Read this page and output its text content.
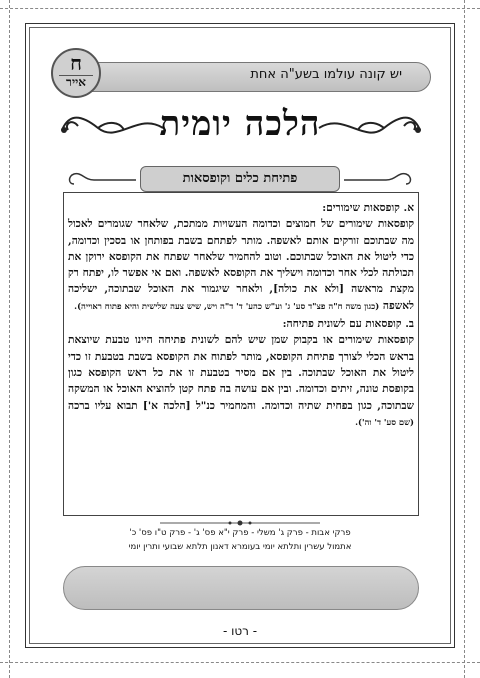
יש קונה עולמו בשע"ה אחת
ח
אייר
הלכה יומית
פתיחת כלים וקופסאות

א. קופסאות שימורים:
קופסאות שימורים של חמוצים וכדומה העשויות ממתכת, שלאחר שגומרים לאכול מה שבתוכם זורקים אותם לאשפה. מותר לפתחם בשבת בפותחן או בסכין וכדומה, כדי ליטול את האוכל שבתוכם. וטוב להחמיר שלאחר שפתח את הקופסא ירוקן את תכולתה לכלי אחר וכדומה וישליך את הקופסא לאשפה. ואם אי אפשר לו, יפתח רק מקצת מראשה [ולא את כולה], ולאחר שיגמור את האוכל שבתוכה, ישליכה לאשפה (כגון משה ח"ה פצ"ד סע' ג' וע"ש כהע' ד' ד"ה ויש, שיש צעה שלישית והיא פתוח ראוייה).

ב. קופסאות עם לשונית פתיחה:
קופסאות שימורים או בקבוק שמן שיש להם לשונית פתיחה היינו טבעת שיוצאת בראש הכלי לצורך פתיחת הקופסא, מותר לפתוח את הקופסא בשבת בטבעת זו כדי ליטול את האוכל שבתוכה. בין אם מסיר בטבעת זו את כל ראש הקופסא כגון בקופסת טונה, זיתים וכדומה. ובין אם עושה בה פתח קטן להוציא האוכל או המשקה שבתוכה, כגון בפחית שתיה וכדומה. והמחמיר כנ"ל [הלכה א'] תבוא עליו ברכה (שם סע' ד' וה').

פרקי אבות - פרק ג' משלי - פרק י"א פס' ג' - פרק ט"ו פס' כ'
אתמול עשרין ותלתא יומי בעומרא דאנון תלתא שבועי ותרין יומי
- רטו -
